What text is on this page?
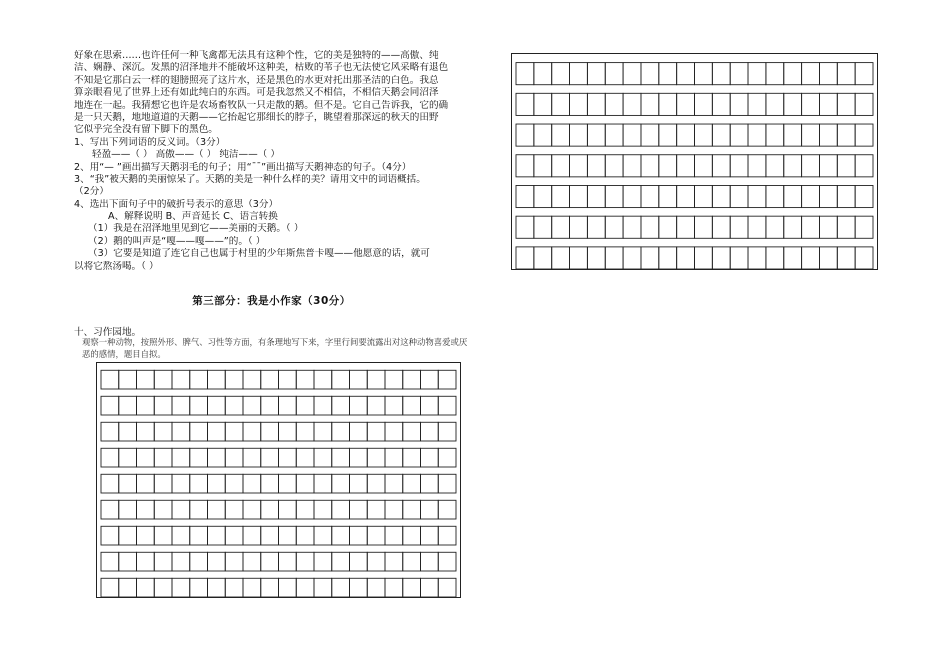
好象在思索……也许任何一种飞禽都无法具有这种个性，它的美是独特的——高傲、纯
洁、娴静、深沉。发黑的沼泽地并不能破坏这种美，枯败的苇子也无法使它风采略有退色
不知是它那白云一样的翅膀照亮了这片水，还是黑色的水更对托出那圣洁的白色。我总
算亲眼看见了世界上还有如此纯白的东西。可是我忽然又不相信，不相信天鹅会同沼泽
地连在一起。我猜想它也许是农场畜牧队一只走散的鹅。但不是。它自己告诉我，它的确
是一只天鹅，地地道道的天鹅——它抬起它那细长的脖子，眺望着那深远的秋天的田野
它似乎完全没有留下脚下的黑色。
1、写出下列词语的反义词。（3分）
轻盈——（ ） 高傲——（ ） 纯洁——（ ）
2、用“— ”画出描写天鹅羽毛的句子；用“¯¯”画出描写天鹅神态的句子。（4分）
3、“我”被天鹅的美丽惊呆了。天鹅的美是一种什么样的美？请用文中的词语概括。
（2分）
4、选出下面句子中的破折号表示的意思（3分）
A、解释说明 B、声音延长 C、语言转换
（1）我是在沼泽地里见到它——美丽的天鹅。（ ）
（2）鹅的叫声是“嘎——嘎——”的。（ ）
（3）它要是知道了连它自己也属于村里的少年斯焦普卡嘎——他愿意的话，就可
以将它熬汤喝。（ ）
第三部分：我是小作家（30分）
十、习作园地。
观察一种动物，按照外形、脾气、习性等方面，有条理地写下来，字里行间要流露出对这种动物喜爱或厌恶的感情，题目自拟。
